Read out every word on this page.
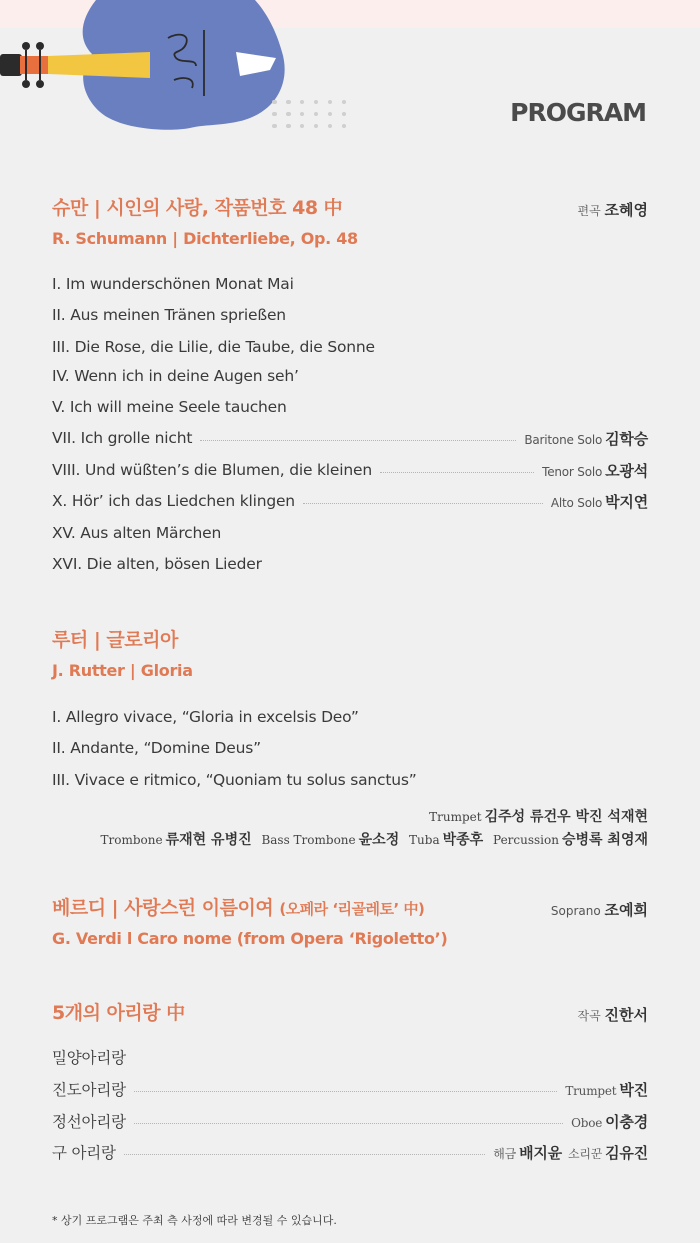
PROGRAM
편곡 조혜영
슈만 | 시인의 사랑, 작품번호 48 中
R. Schumann | Dichterliebe, Op. 48
I. Im wunderschönen Monat Mai
II. Aus meinen Tränen sprießen
III. Die Rose, die Lilie, die Taube, die Sonne
IV. Wenn ich in deine Augen seh’
V. Ich will meine Seele tauchen
VII. Ich grolle nicht	Baritone Solo 김학승
VIII. Und wüßten’s die Blumen, die kleinen	Tenor Solo 오광석
X. Hör’ ich das Liedchen klingen	Alto Solo 박지연
XV. Aus alten Märchen
XVI. Die alten, bösen Lieder
루터 | 글로리아
J. Rutter | Gloria
I. Allegro vivace, “Gloria in excelsis Deo”
II. Andante, “Domine Deus”
III. Vivace e ritmico, “Quoniam tu solus sanctus”
Trumpet 김주성 류건우 박진 석재현
Trombone 류재현 유병진 Bass Trombone 윤소정 Tuba 박종후 Percussion 승병록 최영재
Soprano 조예희
베르디 | 사랑스런 이름이여 (오페라 ‘리골레토’ 中)
G. Verdi l Caro nome (from Opera ‘Rigoletto’)
작곡 진한서
5개의 아리랑 中
밀양아리랑
진도아리랑	Trumpet 박진
정선아리랑	Oboe 이충경
구 아리랑	해금 배지윤 소리꾼 김유진
* 상기 프로그램은 주최 측 사정에 따라 변경될 수 있습니다.
